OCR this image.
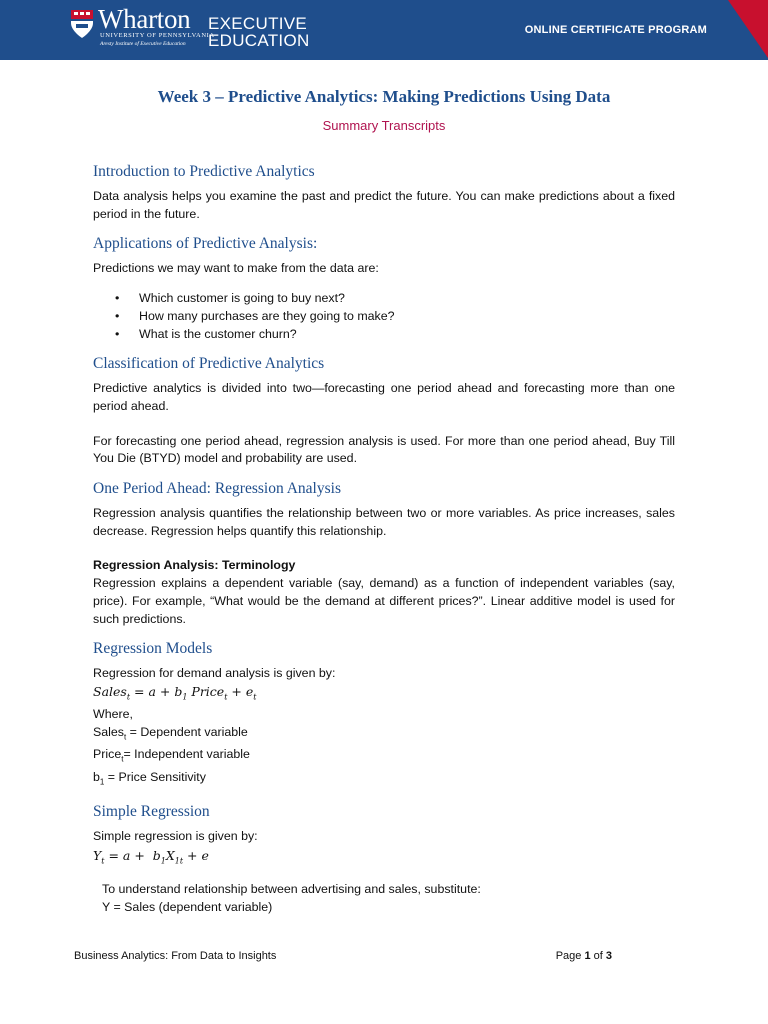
Wharton
UNIVERSITY OF PENNSYLVANIA
Aresty Institute of Executive Education
EXECUTIVE
EDUCATION
ONLINE CERTIFICATE PROGRAM
Week 3 – Predictive Analytics: Making Predictions Using Data
Summary Transcripts
Introduction to Predictive Analytics

Data analysis helps you examine the past and predict the future. You can make predictions about a fixed period in the future.

Applications of Predictive Analysis:

Predictions we may want to make from the data are:

• Which customer is going to buy next?
• How many purchases are they going to make?
• What is the customer churn?
Classification of Predictive Analytics

Predictive analytics is divided into two—forecasting one period ahead and forecasting more than one period ahead.

For forecasting one period ahead, regression analysis is used. For more than one period ahead, Buy Till You Die (BTYD) model and probability are used.

One Period Ahead: Regression Analysis

Regression analysis quantifies the relationship between two or more variables. As price increases, sales decrease. Regression helps quantify this relationship.

Regression Analysis: Terminology

Regression explains a dependent variable (say, demand) as a function of independent variables (say, price). For example, “What would be the demand at different prices?”. Linear additive model is used for such predictions.

Regression Models

Regression for demand analysis is given by:

Sales$_t$ = $a + b_1$ Price$_t$ + $e_t$

Where,

Sales$_t$ = Dependent variable

Price$_t$= Independent variable

$b_1$ = Price Sensitivity

Simple Regression

Simple regression is given by:

$Y_t = a + b_1X_{1t} + e$

To understand relationship between advertising and sales, substitute:

Y = Sales (dependent variable)

Business Analytics: From Data to Insights	Page 1 of 3
